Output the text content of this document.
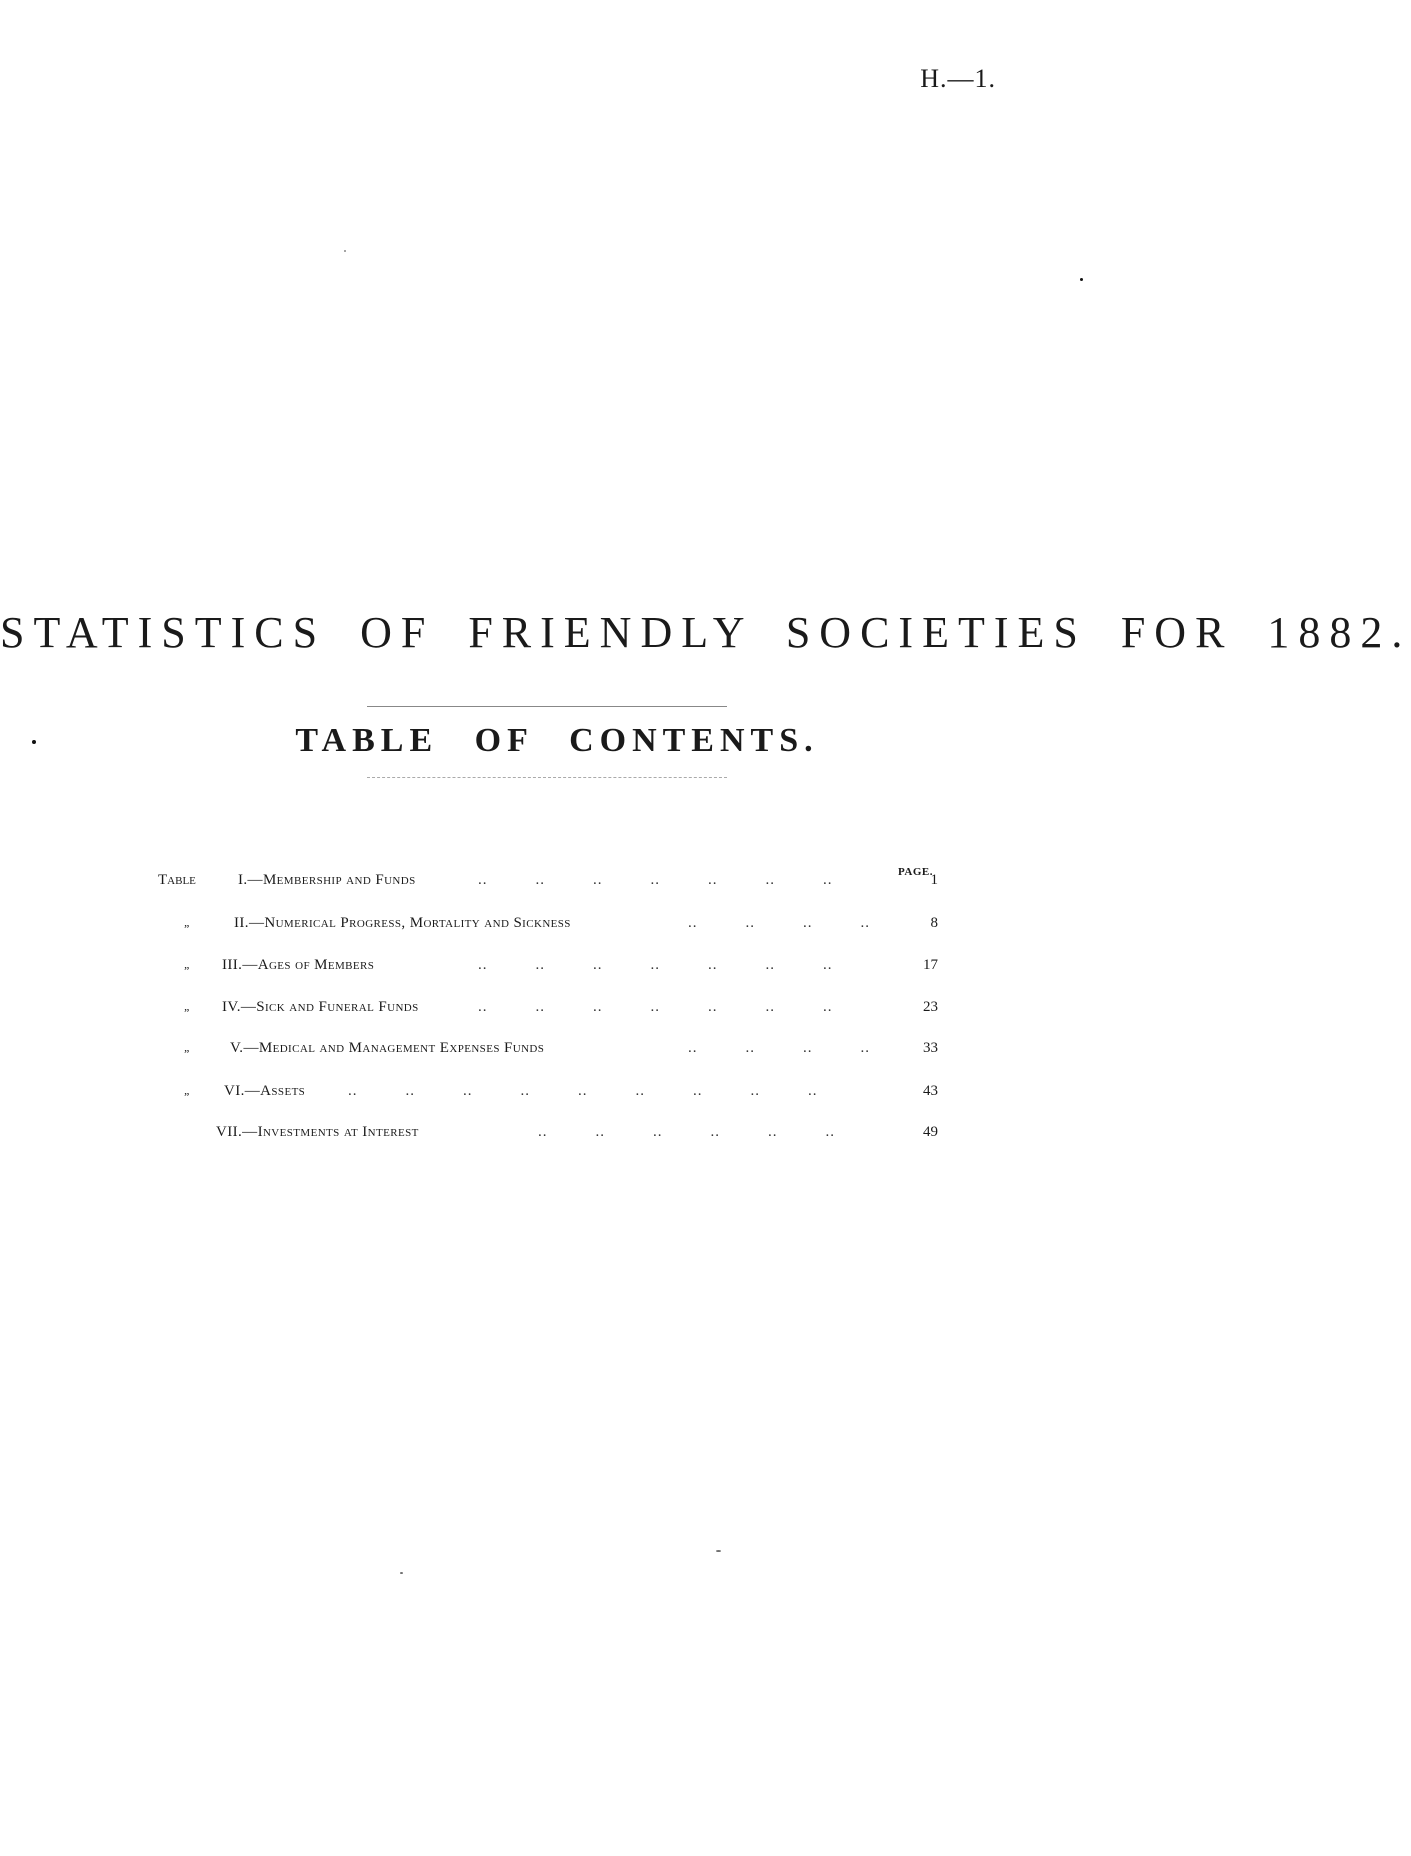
H.—1.
STATISTICS OF FRIENDLY SOCIETIES FOR 1882.
TABLE OF CONTENTS.
PAGE.
Table	I.—Membership and Funds	..   ..   ..   ..   ..   ..   ..	1
„	II.—Numerical Progress, Mortality and Sickness	..   ..   ..   ..	8
„ III.—Ages of Members	..   ..   ..   ..   ..   ..   ..	17
„ IV.—Sick and Funeral Funds	..   ..   ..   ..   ..   ..   ..	23
„	V.—Medical and Management Expenses Funds	..   ..   ..   ..	33
„ VI.—Assets	..   ..   ..   ..   ..   ..   ..   ..   ..	43
VII.—Investments at Interest	..   ..   ..   ..   ..   ..	49
